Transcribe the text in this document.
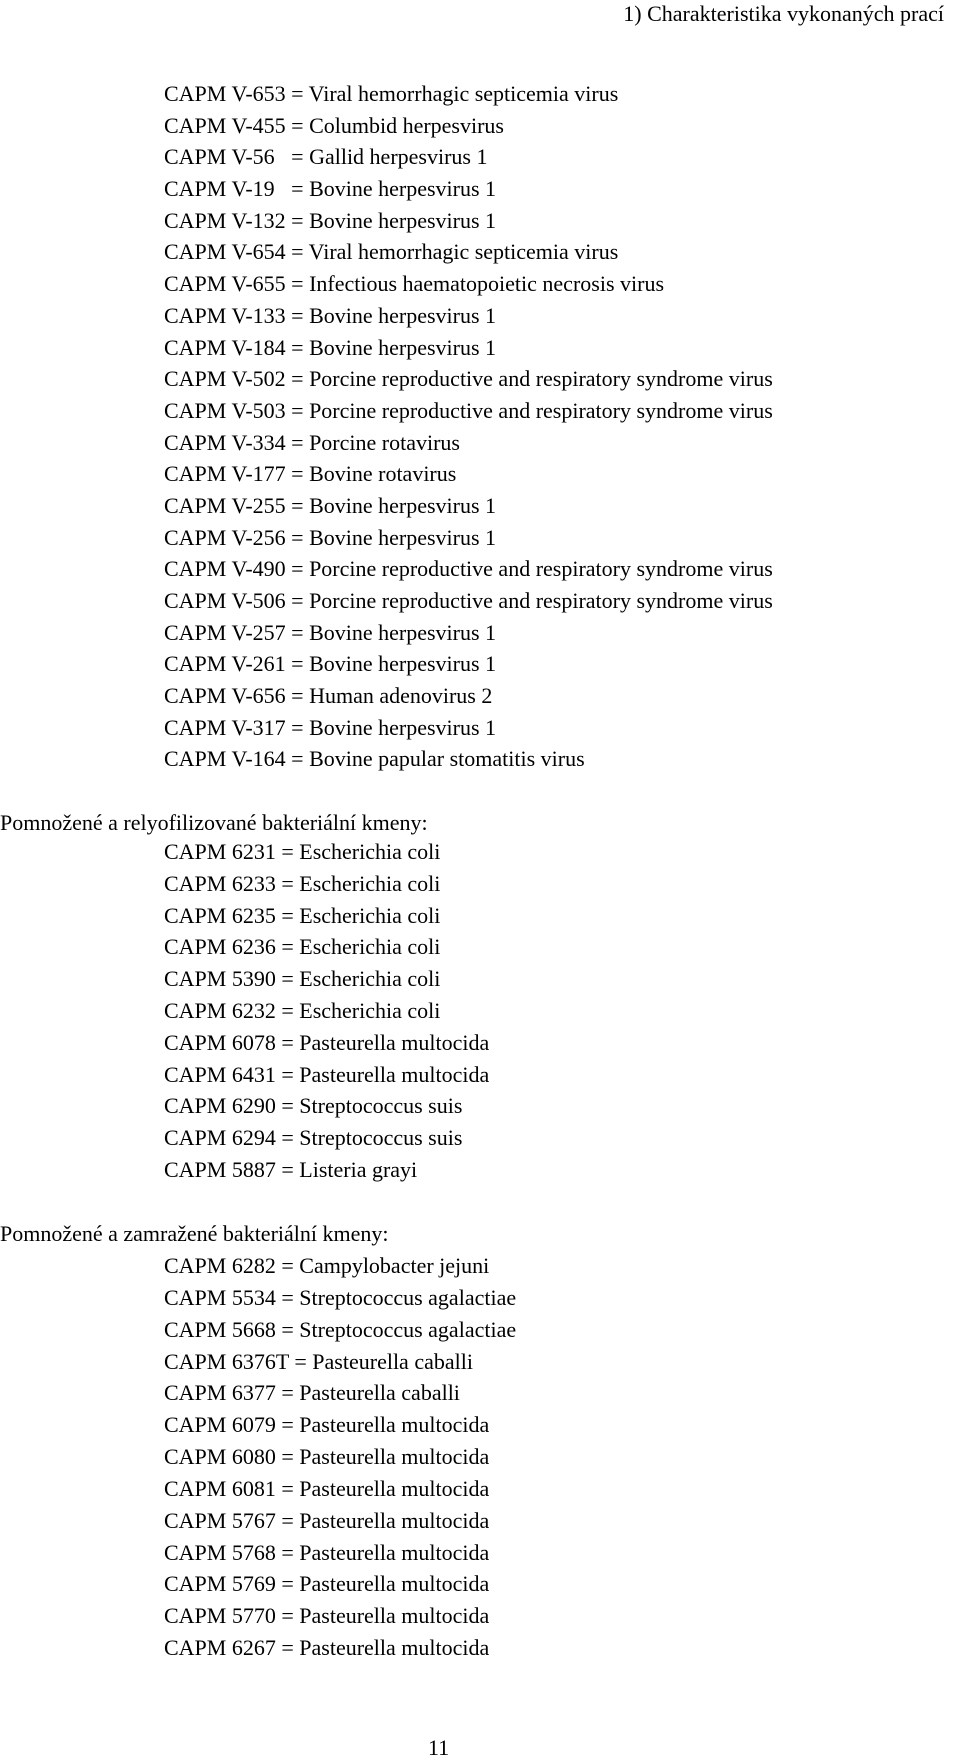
1) Charakteristika vykonaných prací
CAPM V-653 = Viral hemorrhagic septicemia virus
CAPM V-455 = Columbid herpesvirus
CAPM V-56   = Gallid herpesvirus 1
CAPM V-19   = Bovine herpesvirus 1
CAPM V-132 = Bovine herpesvirus 1
CAPM V-654 = Viral hemorrhagic septicemia virus
CAPM V-655 = Infectious haematopoietic necrosis virus
CAPM V-133 = Bovine herpesvirus 1
CAPM V-184 = Bovine herpesvirus 1
CAPM V-502 = Porcine reproductive and respiratory syndrome virus
CAPM V-503 = Porcine reproductive and respiratory syndrome virus
CAPM V-334 = Porcine rotavirus
CAPM V-177 = Bovine rotavirus
CAPM V-255 = Bovine herpesvirus 1
CAPM V-256 = Bovine herpesvirus 1
CAPM V-490 = Porcine reproductive and respiratory syndrome virus
CAPM V-506 = Porcine reproductive and respiratory syndrome virus
CAPM V-257 = Bovine herpesvirus 1
CAPM V-261 = Bovine herpesvirus 1
CAPM V-656 = Human adenovirus 2
CAPM V-317 = Bovine herpesvirus 1
CAPM V-164 = Bovine papular stomatitis virus
Pomnožené a relyofilizované bakteriální kmeny:
CAPM 6231 = Escherichia coli
CAPM 6233 = Escherichia coli
CAPM 6235 = Escherichia coli
CAPM 6236 = Escherichia coli
CAPM 5390 = Escherichia coli
CAPM 6232 = Escherichia coli
CAPM 6078 = Pasteurella multocida
CAPM 6431 = Pasteurella multocida
CAPM 6290 = Streptococcus suis
CAPM 6294 = Streptococcus suis
CAPM 5887 = Listeria grayi
Pomnožené a zamražené bakteriální kmeny:
CAPM 6282 = Campylobacter jejuni
CAPM 5534 = Streptococcus agalactiae
CAPM 5668 = Streptococcus agalactiae
CAPM 6376T = Pasteurella caballi
CAPM 6377 = Pasteurella caballi
CAPM 6079 = Pasteurella multocida
CAPM 6080 = Pasteurella multocida
CAPM 6081 = Pasteurella multocida
CAPM 5767 = Pasteurella multocida
CAPM 5768 = Pasteurella multocida
CAPM 5769 = Pasteurella multocida
CAPM 5770 = Pasteurella multocida
CAPM 6267 = Pasteurella multocida
11
